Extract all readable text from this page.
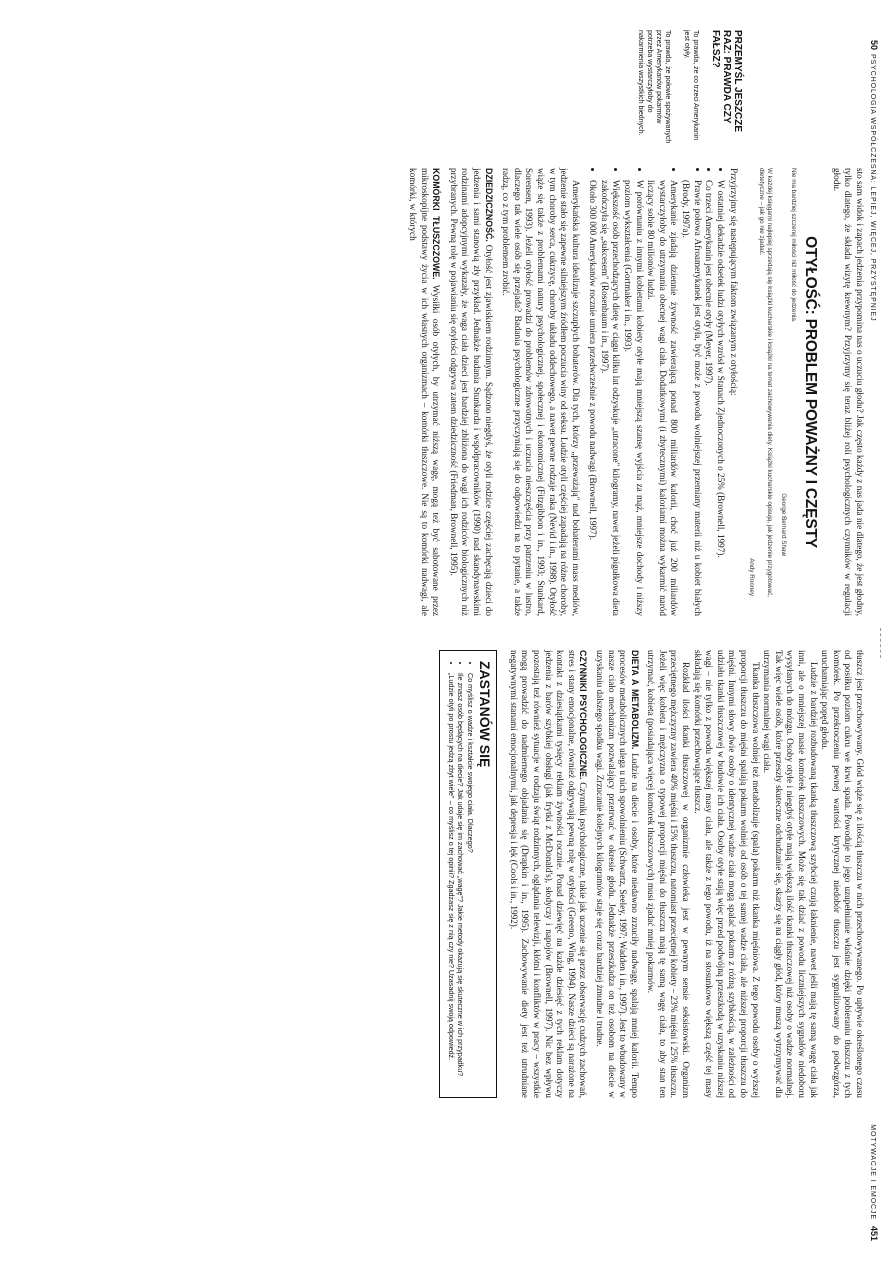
50PSYCHOLOGIA WSPÓŁCZESNA: LEPIEJ, WIĘCEJ, PRZYSTĘPNIEJ

sto sam widok i zapach jedzenia przypomina nas o uczuciu głodu? Jak często każdy z nas jada nie dlatego, że jest głodny, tylko dlatego, że składa wizytę krewnym? Przyjrzymy się teraz bliżej roli psychologicznych czynników w regulacji głodu.

OTYŁOŚĆ: PROBLEM POWAŻNY I CZĘSTY
Nie ma bardziej szczerej miłości niż miłość do jedzenia.
George Bernard Shaw
W każdej księgarni najlepiej sprzedają się książki kucharskie i książki na temat zachowywania diety. Książki kucharskie opisują, jak jedzenie przygotować, dietetyczne – jak go nie zjadać.
Andy Rooney

Przyjrzyjmy się następującym faktom związanym z otyłością:

• W ostatniej dekadzie odsetek ludzi otyłych wzrósł w Stanach Zjednoczonych o 25% (Brownell, 1997).
• Co trzeci Amerykanin jest obecnie otyły (Meyer, 1997).
• Prawie połowa Afroamerykanek jest otyła, być może z powodu wolniejszej przemiany materii niż u kobiet białych (Brody, 1997a).
• Amerykanie zjadają dziennie żywność zawierającą ponad 800 miliardów kalorii, choć już 200 miliardów wystarczyłoby do utrzymania obecnej wagi ciała. Dodatkowymi (i zbytecznymi) kaloriami można wykarmić naród liczący sobie 80 milionów ludzi.
• W porównaniu z innymi kobietami kobiety otyłe mają mniejszą szansę wyjścia za mąż, mniejsze dochody i niższy poziom wykształcenia (Gortmaker i in., 1993).
• Większość osób przechodzących dietę w ciągu kilku lat odzyskuje „utracone" kilogramy, nawet jeżeli pigułkowa dieta zakończyła się „sukcesem" (Rosenbaum i in., 1997).
• Około 300 000 Amerykanów rocznie umiera przedwcześnie z powodu nadwagi (Brownell, 1997).

Amerykańska kultura idealizuje szczupłych bohaterów. Dla tych, którzy „przeważają" nad bohaterami mass mediów, jedzenie stało się zapewne silniejszym źródłem poczucia winy od seksu. Ludzie otyli częściej zapadają na różne choroby, w tym choroby serca, cukrzycę, choroby układu oddechowego, a nawet pewne rodzaje raka (Nevid i in., 1998). Otyłość wiąże się także z problemami natury psychologicznej, społecznej i ekonomicznej (Fitzgibbon i in., 1993; Stunkard, Sorensen, 1993). Jeżeli otyłość prowadzi do problemów zdrowotnych i uczucia nieszczęścia przy patrzeniu w lustro, dlaczego tak wiele osób się przejada? Badania psychologiczne przyczyniają się do odpowiedzi na to pytanie, a także radzą, co z tym problemem zrobić.

DZIEDZICZNOŚĆ. Otyłość jest zjawiskiem rodzinnym. Sądzono niegdyś, że otyli rodzice częściej zachęcają dzieci do jedzenia i sami stanowią zły przykład. Jednakże badania Stunkarda i współpracowników (1990) nad skandynawskimi rodzinami adopcyjnymi wykazały, że waga ciała dzieci jest bardziej zbliżona do wagi ich rodziców biologicznych niż przybranych. Pewną rolę w pojawianiu się otyłości odgrywa zatem dziedziczność (Friedman, Brownell, 1995).

KOMÓRKI TŁUSZCZOWE. Wysiłki osób otyłych, by utrzymać niższą wagę, mogą też być sabotowane przez mikroskopijne podstawy życia w ich własnych organizmach – komórki tłuszczowe. Nie są to komórki nadwagi, ale komórki, w których

PRZEMYŚL JESZCZE RAZ: PRAWDA CZY FAŁSZ?
To prawda, że co trzeci Amerykanin jest otyły.
To prawda, że połowie spożywanych przez Amerykanów pokarmów potrzeba wystarczyłoby do nakarmienia wszystkich biednych.
MOTYWACJE I EMOCJE451

tłuszcz jest przechowywany. Głód wiąże się z ilością tłuszczu w nich przechowywanego. Po upływie określonego czasu od posiłku poziom cukru we krwi spada. Powoduje to jego uzupełnianie właśnie dzięki pobieraniu tłuszczu z tych komórek. Po przekroczeniu pewnej wartości krytycznej niedobór tłuszczu jest sygnalizowany do podwzgórza, uruchamiając popęd głodu.

Ludzie z bardziej rozbudowaną tkanką tłuszczową szybciej czują łaknienie, nawet jeśli mają tę samą wagę ciała jak inni, ale o mniejszej masie komórek tłuszczowych. Może się tak dziać z powodu liczniejszych sygnałów niedoboru wysyłanych do mózgu. Osoby otyłe i niegdyś otyłe mają większą ilość tkanki tłuszczowej niż osoby o wadze normalnej. Tak więc wiele osób, które przeszły skuteczne odchudzanie się, skarży się na ciągły głód, który muszą wytrzymywać dla utrzymania normalnej wagi ciała.

Tkanka tłuszczowa wolniej też metabolizuje (spala) pokarm niż tkanka mięśniowa. Z tego powodu osoby o wyższej proporcji tłuszczu do mięśni spalają pokarm wolniej od osób o tej samej wadze ciała, ale niższej proporcji tłuszczu do mięśni. Innymi słowy dwie osoby o identycznej wadze ciała mogą spalać pokarm z różną szybkością, w zależności od udziału tkanki tłuszczowej w budowie ich ciała. Osoby otyłe stają więc przed podwójną przeszkodą w uzyskaniu niższej wagi – nie tylko z powodu większej masy ciała, ale także z tego powodu, iż na stosunkowo większą część tej masy składają się komórki przechowujące tłuszcz.

Rozkład ilości tkanki tłuszczowej w organizmie człowieka jest w pewnym sensie seksistowski. Organizm przeciętnego mężczyzny zawiera 40% mięśni i 15% tłuszczu, natomiast przeciętnej kobiety – 23% mięśni i 25% tłuszczu. Jeżeli więc kobieta i mężczyzna o typowej proporcji mięśni do tłuszczu mają tę samą wagę ciała, to aby stan ten utrzymać, kobieta (posiadająca więcej komórek tłuszczowych) musi zjadać mniej pokarmów.

DIETA A METABOLIZM. Ludzie na diecie i osoby, które niedawno zrzuciły nadwagę, spalają mniej kalorii. Tempo procesów metabolicznych ulega u nich spowolnieniu (Schwartz, Seeley, 1997; Wadden i in., 1997). Jest to wbudowany w nasze ciało mechanizm pozwalający przetrwać w okresie głodu. Jednakże przeszkadza on też osobom na diecie w uzyskaniu dalszego spadku wagi. Zrzucanie kolejnych kilogramów staje się coraz bardziej żmudne i trudne.

CZYNNIKI PSYCHOLOGICZNE. Czynniki psychologiczne, takie jak uczenie się przez obserwację cudzych zachowań, stres i stany emocjonalne, również odgrywają pewną rolę w otyłości (Greeno, Wing, 1994). Nasze dzieci są narażone na kontakt z dziesiątkami tysięcy reklam żywności rocznie. Ponad dziewięć na każde dziesięć z tych reklam dotyczy jedzenia z barów szybkiej obsługi (jak frytki z McDonald's), słodyczy i napojów (Brownell, 1997). Nic bez wpływu pozostają też również sytuacje w rodzaju świąt rodzinnych, oglądania telewizji, kłótni i konfliktów w pracy – wszystkie mogą prowadzić do nadmiernego objadania się (Drapkin i in., 1995). Zachowywanie diety jest też utrudniane negatywnymi stanami emocjonalnymi, jak depresja i lęk (Cools i in., 1992).

ZASTANÓW SIĘ
• Co myślisz o wadze i kształcie swojego ciała. Dlaczego?
• Ile znasz osób będących na diecie? Jak udaje się im zachować „wagę"? Jakie metody okazują się skuteczne w ich przypadku?
• „Ludzie otyli po prostu jedzą zbyt wiele" – co myślisz o tej opinii? Zgadzasz się z nią czy nie? Uzasadnij swoją odpowiedź.
